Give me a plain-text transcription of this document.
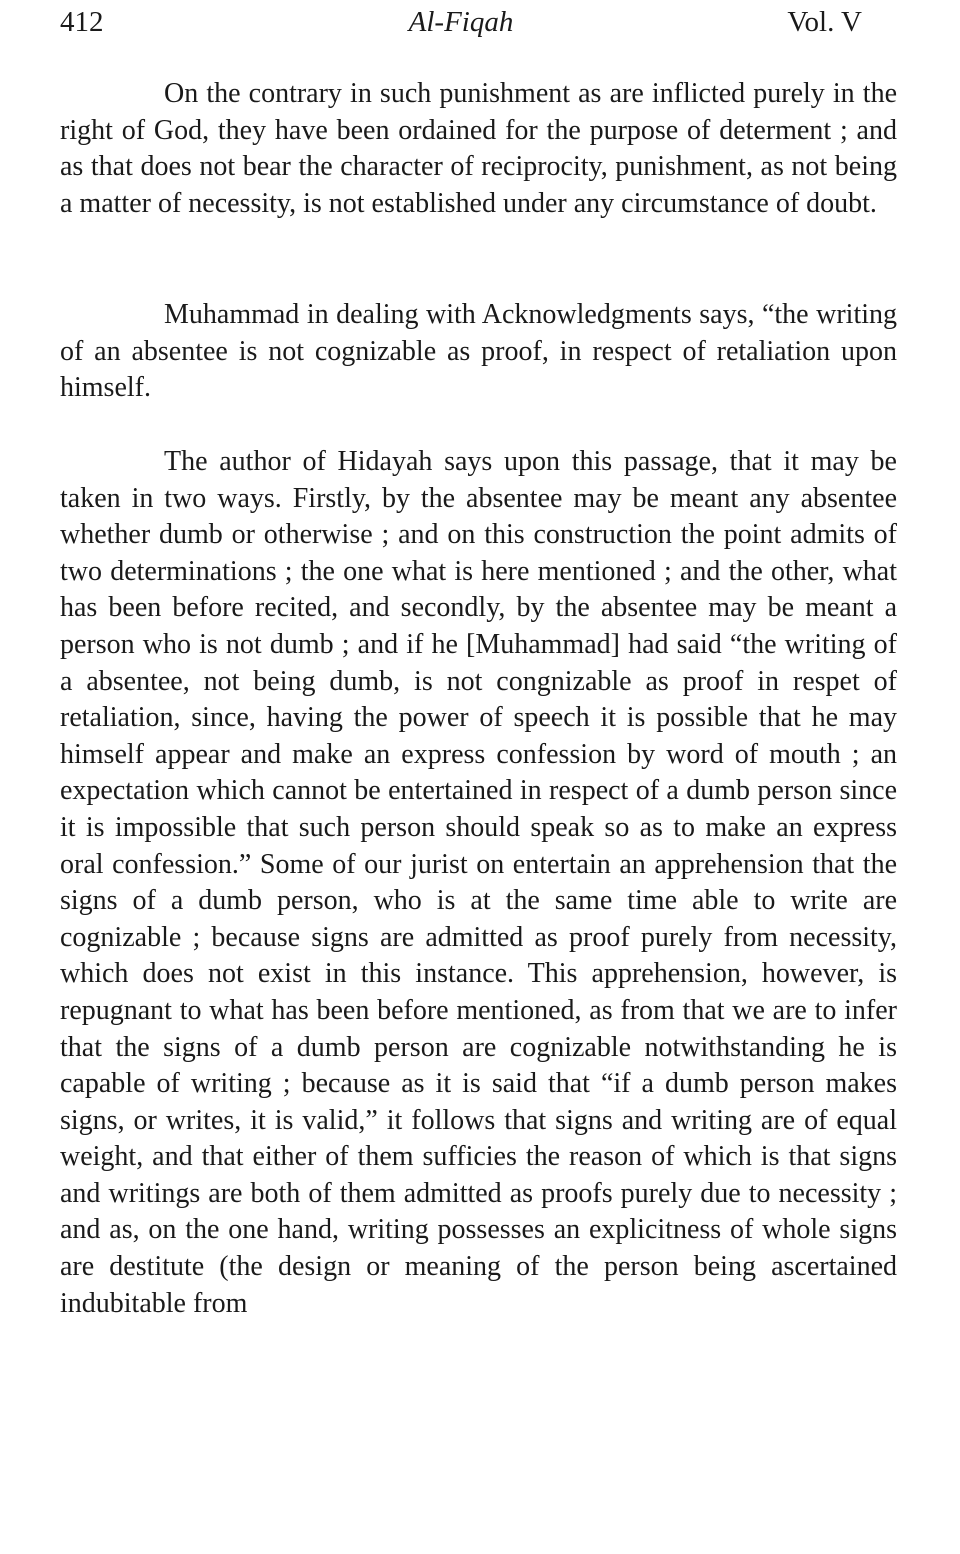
412	Al-Fiqah	Vol. V

On the contrary in such punishment as are inflicted purely in the right of God, they have been ordained for the purpose of determent ; and as that does not bear the character of reciprocity, punishment, as not being a matter of necessity, is not established under any circumstance of doubt.

Muhammad in dealing with Acknowledgments says, “the writing of an absentee is not cognizable as proof, in respect of retaliation upon himself.

The author of Hidayah says upon this passage, that it may be taken in two ways. Firstly, by the absentee may be meant any absentee whether dumb or otherwise ; and on this construction the point admits of two determinations ; the one what is here mentioned ; and the other, what has been before recited, and secondly, by the absentee may be meant a person who is not dumb ; and if he [Muhammad] had said “the writing of a absentee, not being dumb, is not congnizable as proof in respet of retaliation, since, having the power of speech it is possible that he may himself appear and make an express confession by word of mouth ; an expectation which cannot be entertained in respect of a dumb person since it is impossible that such person should speak so as to make an express oral confession.” Some of our jurist on entertain an apprehension that the signs of a dumb person, who is at the same time able to write are cognizable ; because signs are admitted as proof purely from necessity, which does not exist in this instance. This apprehension, however, is repugnant to what has been before mentioned, as from that we are to infer that the signs of a dumb person are cognizable notwithstanding he is capable of writing ; because as it is said that “if a dumb person makes signs, or writes, it is valid,” it follows that signs and writing are of equal weight, and that either of them sufficies the reason of which is that signs and writings are both of them admitted as proofs purely due to necessity ; and as, on the one hand, writing possesses an explicitness of whole signs are destitute (the design or meaning of the person being ascertained indubitable from
